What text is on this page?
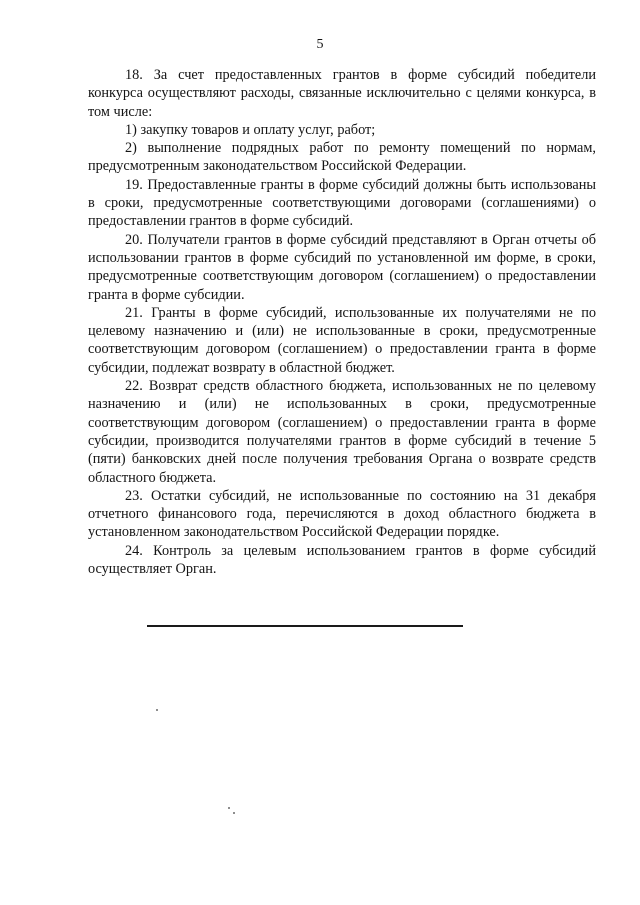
5

18. За счет предоставленных грантов в форме субсидий победители конкурса осуществляют расходы, связанные исключительно с целями конкурса, в том числе:

1) закупку товаров и оплату услуг, работ;

2) выполнение подрядных работ по ремонту помещений по нормам, предусмотренным законодательством Российской Федерации.

19. Предоставленные гранты в форме субсидий должны быть использованы в сроки, предусмотренные соответствующими договорами (соглашениями) о предоставлении грантов в форме субсидий.

20. Получатели грантов в форме субсидий представляют в Орган отчеты об использовании грантов в форме субсидий по установленной им форме, в сроки, предусмотренные соответствующим договором (соглашением) о предоставлении гранта в форме субсидии.

21. Гранты в форме субсидий, использованные их получателями не по целевому назначению и (или) не использованные в сроки, предусмотренные соответствующим договором (соглашением) о предоставлении гранта в форме субсидии, подлежат возврату в областной бюджет.

22. Возврат средств областного бюджета, использованных не по целевому назначению и (или) не использованных в сроки, предусмотренные соответствующим договором (соглашением) о предоставлении гранта в форме субсидии, производится получателями грантов в форме субсидий в течение 5 (пяти) банковских дней после получения требования Органа о возврате средств областного бюджета.

23. Остатки субсидий, не использованные по состоянию на 31 декабря отчетного финансового года, перечисляются в доход областного бюджета в установленном законодательством Российской Федерации порядке.

24. Контроль за целевым использованием грантов в форме субсидий осуществляет Орган.
